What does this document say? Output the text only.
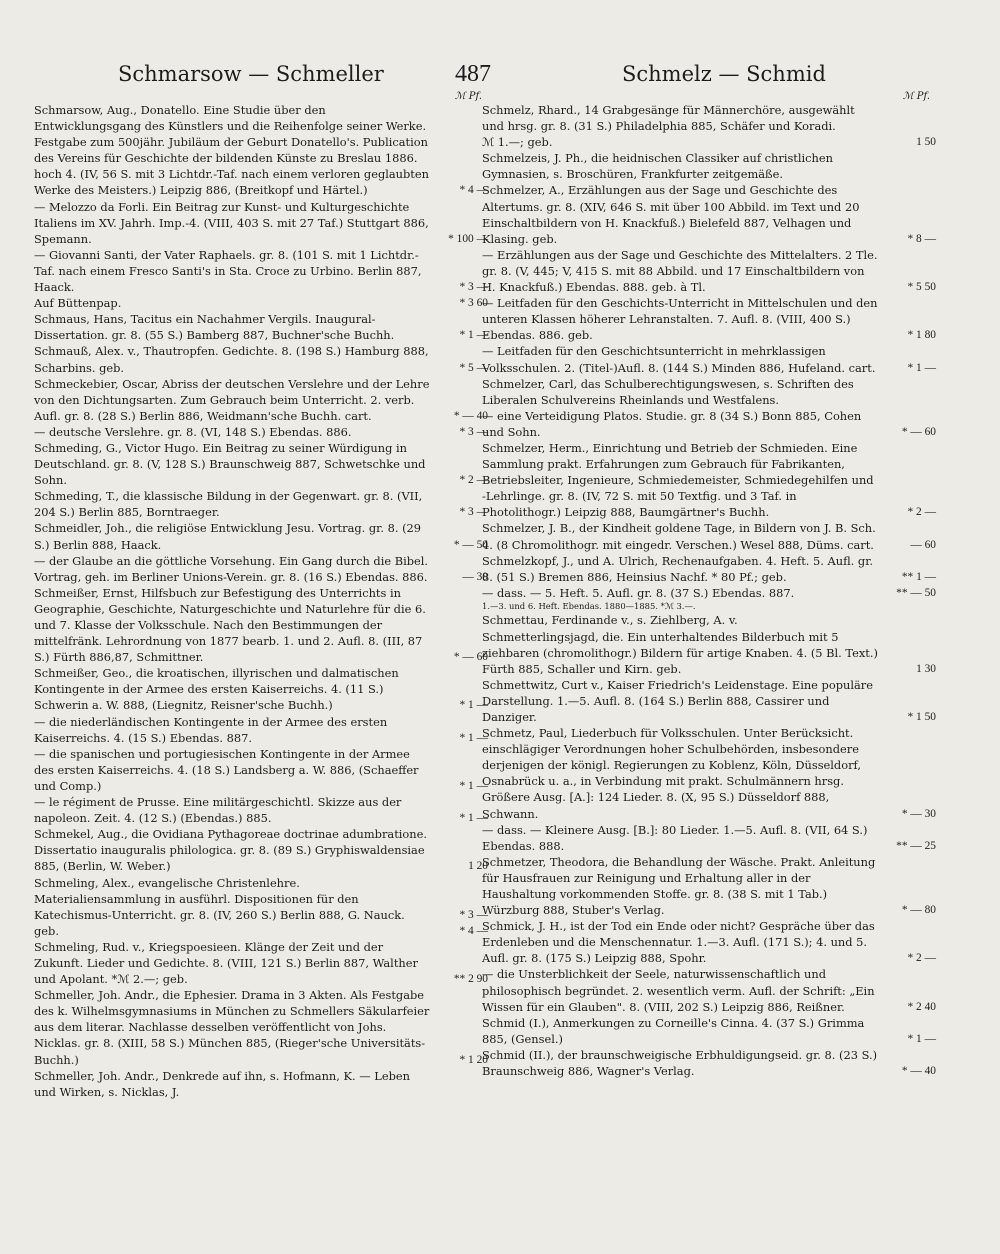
Schmarsow — Schmeller	487	Schmelz — Schmid
ℳ Pf.
Schmarsow, Aug., Donatello. Eine Studie über den Entwicklungsgang des Künstlers und die Reihenfolge seiner Werke. Festgabe zum 500jähr. Jubiläum der Geburt Donatello's. Publication des Vereins für Geschichte der bildenden Künste zu Breslau 1886. hoch 4. (IV, 56 S. mit 3 Lichtdr.-Taf. nach einem verloren geglaubten Werke des Meisters.) Leipzig 886, (Breitkopf und Härtel.)	* 4 —
— Melozzo da Forli. Ein Beitrag zur Kunst- und Kulturgeschichte Italiens im XV. Jahrh. Imp.-4. (VIII, 403 S. mit 27 Taf.) Stuttgart 886, Spemann.	* 100 —
— Giovanni Santi, der Vater Raphaels. gr. 8. (101 S. mit 1 Lichtdr.-Taf. nach einem Fresco Santi's in Sta. Croce zu Urbino. Berlin 887, Haack.	* 3 —
Auf Büttenpap.	* 3 60
Schmaus, Hans, Tacitus ein Nachahmer Vergils. Inaugural-Dissertation. gr. 8. (55 S.) Bamberg 887, Buchner'sche Buchh.	* 1 —
Schmauß, Alex. v., Thautropfen. Gedichte. 8. (198 S.) Hamburg 888, Scharbins. geb.	* 5 —
Schmeckebier, Oscar, Abriss der deutschen Verslehre und der Lehre von den Dichtungsarten. Zum Gebrauch beim Unterricht. 2. verb. Aufl. gr. 8. (28 S.) Berlin 886, Weidmann'sche Buchh. cart.	* — 40
— deutsche Verslehre. gr. 8. (VI, 148 S.) Ebendas. 886.	* 3 —
Schmeding, G., Victor Hugo. Ein Beitrag zu seiner Würdigung in Deutschland. gr. 8. (V, 128 S.) Braunschweig 887, Schwetschke und Sohn.	* 2 —
Schmeding, T., die klassische Bildung in der Gegenwart. gr. 8. (VII, 204 S.) Berlin 885, Borntraeger.	* 3 —
Schmeidler, Joh., die religiöse Entwicklung Jesu. Vortrag. gr. 8. (29 S.) Berlin 888, Haack.	* — 50
— der Glaube an die göttliche Vorsehung. Ein Gang durch die Bibel. Vortrag, geh. im Berliner Unions-Verein. gr. 8. (16 S.) Ebendas. 886.	— 30
Schmeißer, Ernst, Hilfsbuch zur Befestigung des Unterrichts in Geographie, Geschichte, Naturgeschichte und Naturlehre für die 6. und 7. Klasse der Volksschule. Nach den Bestimmungen der mittelfränk. Lehrordnung von 1877 bearb. 1. und 2. Aufl. 8. (III, 87 S.) Fürth 886,87, Schmittner.	* — 60
Schmeißer, Geo., die kroatischen, illyrischen und dalmatischen Kontingente in der Armee des ersten Kaiserreichs. 4. (11 S.) Schwerin a. W. 888, (Liegnitz, Reisner'sche Buchh.)	* 1 —
— die niederländischen Kontingente in der Armee des ersten Kaiserreichs. 4. (15 S.) Ebendas. 887.	* 1 —
— die spanischen und portugiesischen Kontingente in der Armee des ersten Kaiserreichs. 4. (18 S.) Landsberg a. W. 886, (Schaeffer und Comp.)	* 1 —
— le régiment de Prusse. Eine militärgeschichtl. Skizze aus der napoleon. Zeit. 4. (12 S.) (Ebendas.) 885.	* 1 —
Schmekel, Aug., die Ovidiana Pythagoreae doctrinae adumbratione. Dissertatio inauguralis philologica. gr. 8. (89 S.) Gryphiswaldensiae 885, (Berlin, W. Weber.)	1 20
Schmeling, Alex., evangelische Christenlehre. Materialiensammlung in ausführl. Dispositionen für den Katechismus-Unterricht. gr. 8. (IV, 260 S.) Berlin 888, G. Nauck.	* 3 —
geb.	* 4 —
Schmeling, Rud. v., Kriegspoesieen. Klänge der Zeit und der Zukunft. Lieder und Gedichte. 8. (VIII, 121 S.) Berlin 887, Walther und Apolant. *ℳ 2.—; geb.	** 2 90
Schmeller, Joh. Andr., die Ephesier. Drama in 3 Akten. Als Festgabe des k. Wilhelmsgymnasiums in München zu Schmellers Säkularfeier aus dem literar. Nachlasse desselben veröffentlicht von Johs. Nicklas. gr. 8. (XIII, 58 S.) München 885, (Rieger'sche Universitäts-Buchh.)	* 1 20
Schmeller, Joh. Andr., Denkrede auf ihn, s. Hofmann, K. — Leben und Wirken, s. Nicklas, J.
ℳ Pf.
Schmelz, Rhard., 14 Grabgesänge für Männerchöre, ausgewählt und hrsg. gr. 8. (31 S.) Philadelphia 885, Schäfer und Koradi.
ℳ 1.—; geb.	1 50
Schmelzeis, J. Ph., die heidnischen Classiker auf christlichen Gymnasien, s. Broschüren, Frankfurter zeitgemäße.
Schmelzer, A., Erzählungen aus der Sage und Geschichte des Altertums. gr. 8. (XIV, 646 S. mit über 100 Abbild. im Text und 20 Einschaltbildern von H. Knackfuß.) Bielefeld 887, Velhagen und Klasing. geb.	* 8 —
— Erzählungen aus der Sage und Geschichte des Mittelalters. 2 Tle. gr. 8. (V, 445; V, 415 S. mit 88 Abbild. und 17 Einschaltbildern von H. Knackfuß.) Ebendas. 888. geb. à Tl.	* 5 50
— Leitfaden für den Geschichts-Unterricht in Mittelschulen und den unteren Klassen höherer Lehranstalten. 7. Aufl. 8. (VIII, 400 S.) Ebendas. 886. geb.	* 1 80
— Leitfaden für den Geschichtsunterricht in mehrklassigen Volksschulen. 2. (Titel-)Aufl. 8. (144 S.) Minden 886, Hufeland. cart.	* 1 —
Schmelzer, Carl, das Schulberechtigungswesen, s. Schriften des Liberalen Schulvereins Rheinlands und Westfalens.
— eine Verteidigung Platos. Studie. gr. 8 (34 S.) Bonn 885, Cohen und Sohn.	* — 60
Schmelzer, Herm., Einrichtung und Betrieb der Schmieden. Eine Sammlung prakt. Erfahrungen zum Gebrauch für Fabrikanten, Betriebsleiter, Ingenieure, Schmiedemeister, Schmiedegehilfen und -Lehrlinge. gr. 8. (IV, 72 S. mit 50 Textfig. und 3 Taf. in Photolithogr.) Leipzig 888, Baumgärtner's Buchh.	* 2 —
Schmelzer, J. B., der Kindheit goldene Tage, in Bildern von J. B. Sch. 4. (8 Chromolithogr. mit eingedr. Verschen.) Wesel 888, Düms. cart.	— 60
Schmelzkopf, J., und A. Ulrich, Rechenaufgaben. 4. Heft. 5. Aufl. gr. 8. (51 S.) Bremen 886, Heinsius Nachf. * 80 Pf.; geb.	** 1 —
— dass. — 5. Heft. 5. Aufl. gr. 8. (37 S.) Ebendas. 887.	** — 50
1.—3. und 6. Heft. Ebendas. 1880—1885. *ℳ 3.—.
Schmettau, Ferdinande v., s. Ziehlberg, A. v.
Schmetterlingsjagd, die. Ein unterhaltendes Bilderbuch mit 5 ziehbaren (chromolithogr.) Bildern für artige Knaben. 4. (5 Bl. Text.) Fürth 885, Schaller und Kirn. geb.	1 30
Schmettwitz, Curt v., Kaiser Friedrich's Leidenstage. Eine populäre Darstellung. 1.—5. Aufl. 8. (164 S.) Berlin 888, Cassirer und Danziger.	* 1 50
Schmetz, Paul, Liederbuch für Volksschulen. Unter Berücksicht. einschlägiger Verordnungen hoher Schulbehörden, insbesondere derjenigen der königl. Regierungen zu Koblenz, Köln, Düsseldorf, Osnabrück u. a., in Verbindung mit prakt. Schulmännern hrsg. Größere Ausg. [A.]: 124 Lieder. 8. (X, 95 S.) Düsseldorf 888, Schwann.	* — 30
— dass. — Kleinere Ausg. [B.]: 80 Lieder. 1.—5. Aufl. 8. (VII, 64 S.) Ebendas. 888.	** — 25
Schmetzer, Theodora, die Behandlung der Wäsche. Prakt. Anleitung für Hausfrauen zur Reinigung und Erhaltung aller in der Haushaltung vorkommenden Stoffe. gr. 8. (38 S. mit 1 Tab.) Würzburg 888, Stuber's Verlag.	* — 80
Schmick, J. H., ist der Tod ein Ende oder nicht? Gespräche über das Erdenleben und die Menschennatur. 1.—3. Aufl. (171 S.); 4. und 5. Aufl. gr. 8. (175 S.) Leipzig 888, Spohr.	* 2 —
— die Unsterblichkeit der Seele, naturwissenschaftlich und philosophisch begründet. 2. wesentlich verm. Aufl. der Schrift: „Ein Wissen für ein Glauben". 8. (VIII, 202 S.) Leipzig 886, Reißner.	* 2 40
Schmid (I.), Anmerkungen zu Corneille's Cinna. 4. (37 S.) Grimma 885, (Gensel.)	* 1 —
Schmid (II.), der braunschweigische Erbhuldigungseid. gr. 8. (23 S.) Braunschweig 886, Wagner's Verlag.	* — 40
